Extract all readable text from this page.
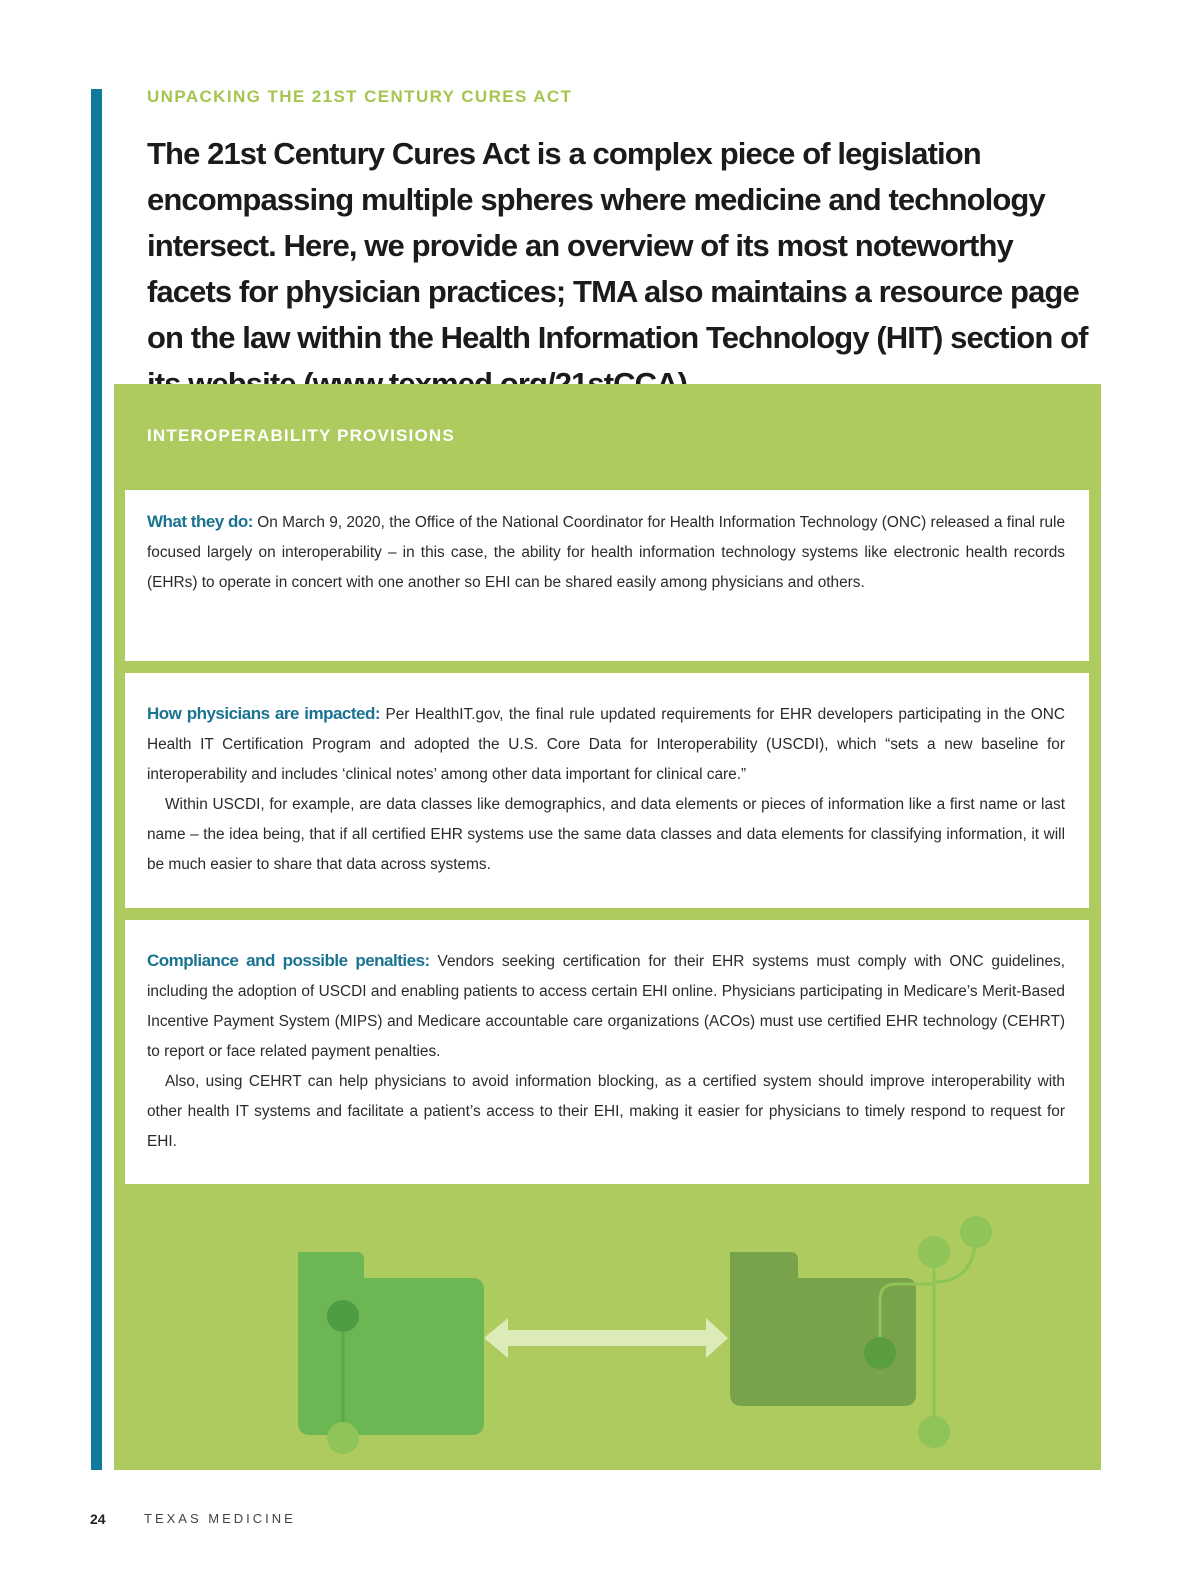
UNPACKING THE 21ST CENTURY CURES ACT
The 21st Century Cures Act is a complex piece of legislation encompassing multiple spheres where medicine and technology intersect. Here, we provide an overview of its most noteworthy facets for physician practices; TMA also maintains a resource page on the law within the Health Information Technology (HIT) section of
INTEROPERABILITY PROVISIONS

What they do: On March 9, 2020, the Office of the National Coordinator for Health Information Technology (ONC) released a final rule focused largely on interoperability – in this case, the ability for health information technology systems like electronic health records (EHRs) to operate in concert with one another so EHI can be shared easily among physicians and others.

How physicians are impacted: Per HealthIT.gov, the final rule updated requirements for EHR developers participating in the ONC Health IT Certification Program and adopted the U.S. Core Data for Interoperability (USCDI), which “sets a new baseline for interoperability and includes ‘clinical notes’ among other data important for clinical care.”

Within USCDI, for example, are data classes like demographics, and data elements or pieces of information like a first name or last name – the idea being, that if all certified EHR systems use the same data classes and data elements for classifying information, it will be much easier to share that data across systems.

Compliance and possible penalties: Vendors seeking certification for their EHR systems must comply with ONC guidelines, including the adoption of USCDI and enabling patients to access certain EHI online. Physicians participating in Medicare’s Merit-Based Incentive Payment System (MIPS) and Medicare accountable care organizations (ACOs) must use certified EHR technology (CEHRT) to report or face related payment penalties.

Also, using CEHRT can help physicians to avoid information blocking, as a certified system should improve interoperability with other health IT systems and facilitate a patient’s access to their EHI, making it easier for physicians to timely respond to request for EHI.

24	TEXAS MEDICINE
